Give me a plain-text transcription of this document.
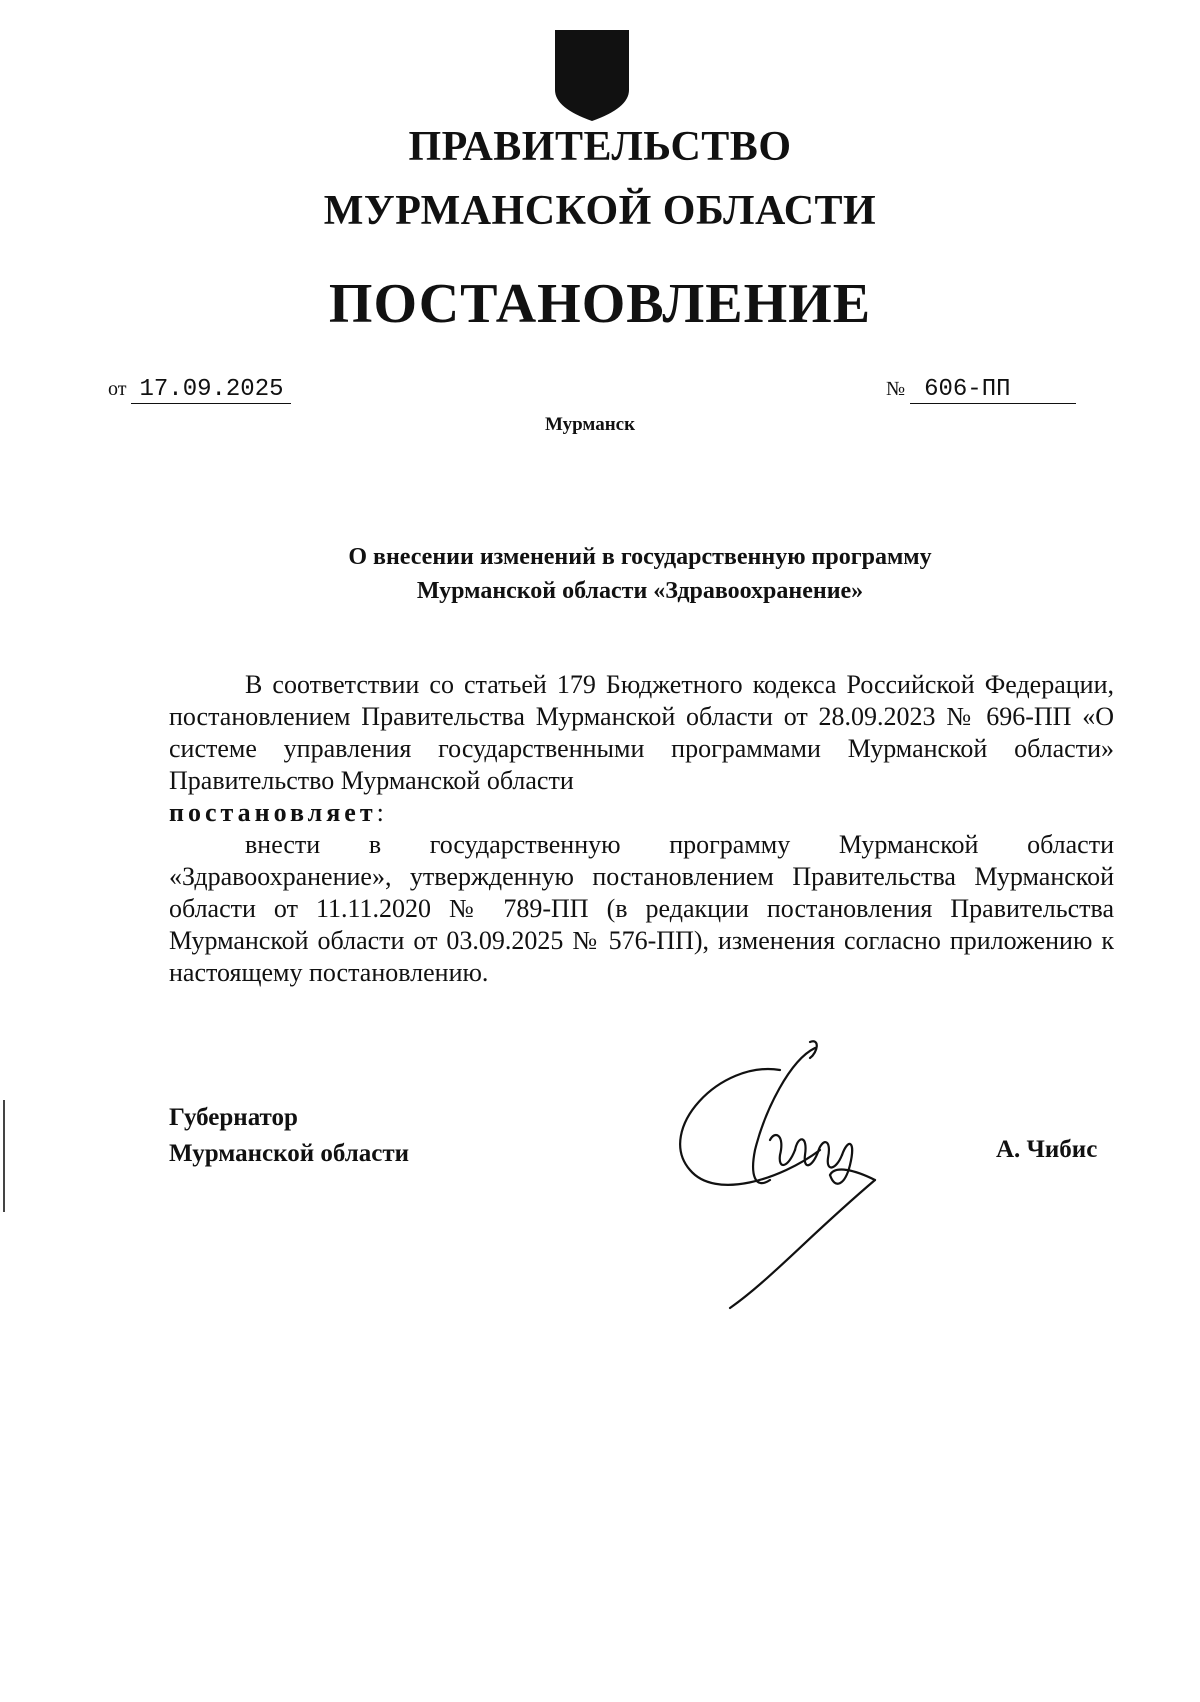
ПРАВИТЕЛЬСТВО
МУРМАНСКОЙ ОБЛАСТИ
ПОСТАНОВЛЕНИЕ
от 17.09.2025	№ 606-ПП
Мурманск
О внесении изменений в государственную программу
Мурманской области «Здравоохранение»

В соответствии со статьей 179 Бюджетного кодекса Российской Федерации, постановлением Правительства Мурманской области от 28.09.2023 № 696-ПП «О системе управления государственными программами Мурманской области» Правительство Мурманской области

постановляет:

внести в государственную программу Мурманской области «Здравоохранение», утвержденную постановлением Правительства Мурманской области от 11.11.2020 № 789-ПП (в редакции постановления Правительства Мурманской области от 03.09.2025 № 576-ПП), изменения согласно приложению к настоящему постановлению.

Губернатор
Мурманской области	А. Чибис
